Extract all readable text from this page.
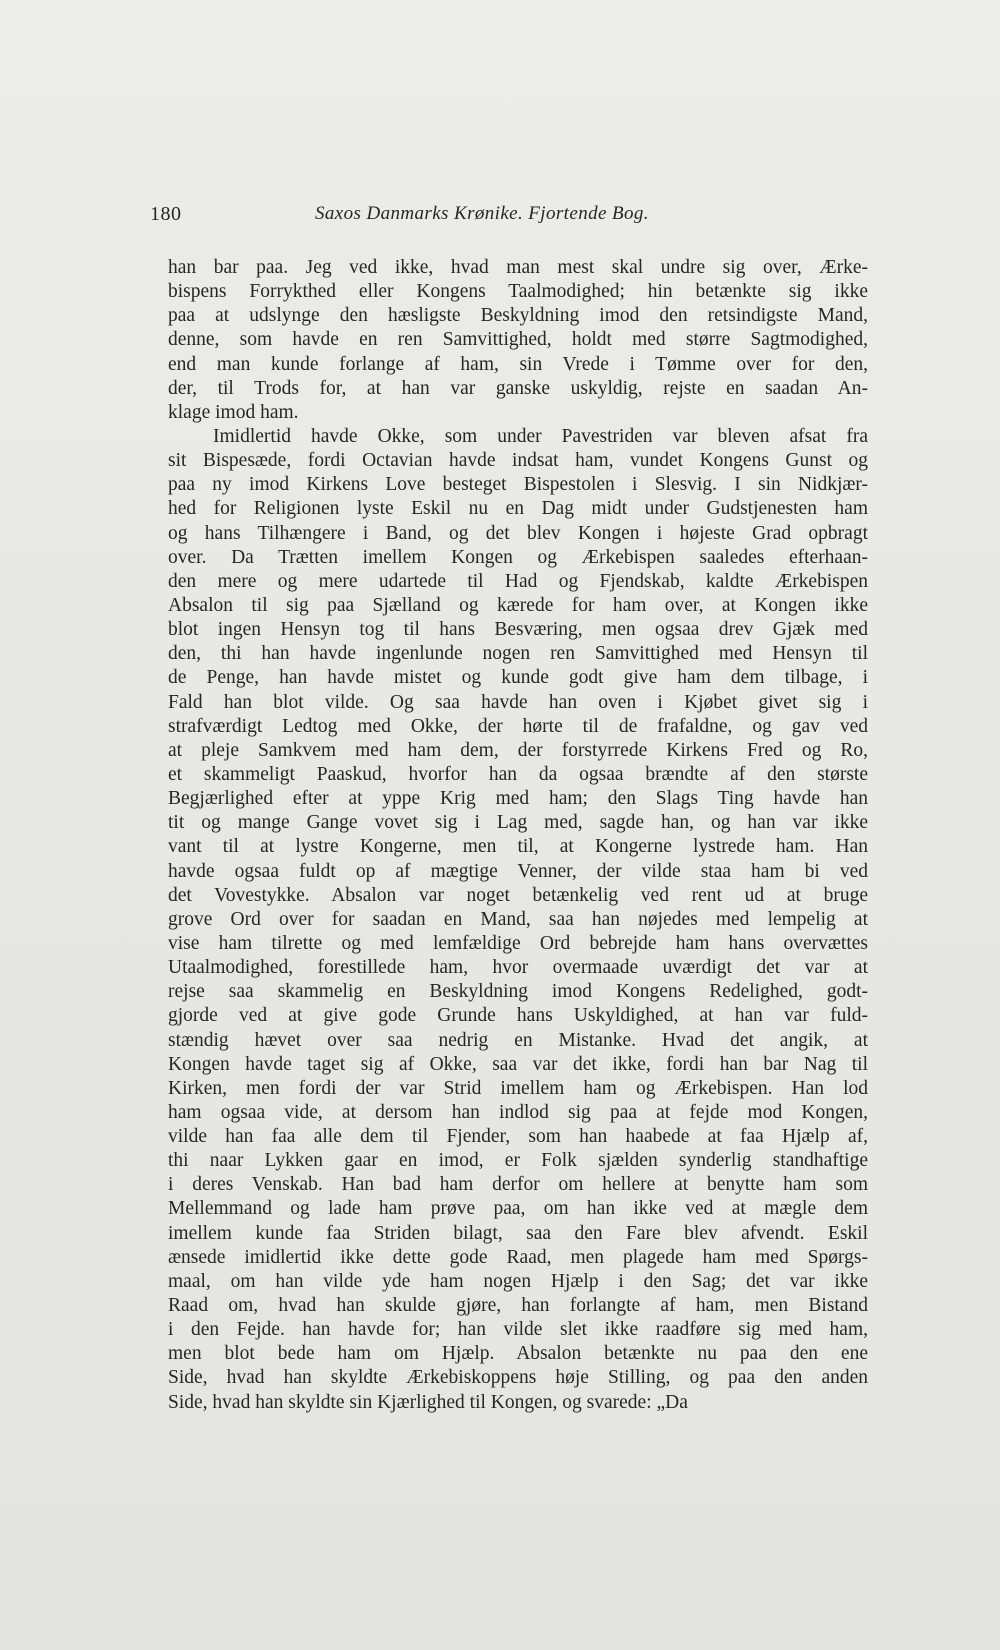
180	Saxos Danmarks Krønike. Fjortende Bog.
han bar paa. Jeg ved ikke, hvad man mest skal undre sig over, Ærke-
bispens Forrykthed eller Kongens Taalmodighed; hin betænkte sig ikke
paa at udslynge den hæsligste Beskyldning imod den retsindigste Mand,
denne, som havde en ren Samvittighed, holdt med større Sagtmodighed,
end man kunde forlange af ham, sin Vrede i Tømme over for den,
der, til Trods for, at han var ganske uskyldig, rejste en saadan An-
klage imod ham.
Imidlertid havde Okke, som under Pavestriden var bleven afsat fra
sit Bispesæde, fordi Octavian havde indsat ham, vundet Kongens Gunst og
paa ny imod Kirkens Love besteget Bispestolen i Slesvig. I sin Nidkjær-
hed for Religionen lyste Eskil nu en Dag midt under Gudstjenesten ham
og hans Tilhængere i Band, og det blev Kongen i højeste Grad opbragt
over. Da Trætten imellem Kongen og Ærkebispen saaledes efterhaan-
den mere og mere udartede til Had og Fjendskab, kaldte Ærkebispen
Absalon til sig paa Sjælland og kærede for ham over, at Kongen ikke
blot ingen Hensyn tog til hans Besværing, men ogsaa drev Gjæk med
den, thi han havde ingenlunde nogen ren Samvittighed med Hensyn til
de Penge, han havde mistet og kunde godt give ham dem tilbage, i
Fald han blot vilde. Og saa havde han oven i Kjøbet givet sig i
strafværdigt Ledtog med Okke, der hørte til de frafaldne, og gav ved
at pleje Samkvem med ham dem, der forstyrrede Kirkens Fred og Ro,
et skammeligt Paaskud, hvorfor han da ogsaa brændte af den største
Begjærlighed efter at yppe Krig med ham; den Slags Ting havde han
tit og mange Gange vovet sig i Lag med, sagde han, og han var ikke
vant til at lystre Kongerne, men til, at Kongerne lystrede ham. Han
havde ogsaa fuldt op af mægtige Venner, der vilde staa ham bi ved
det Vovestykke. Absalon var noget betænkelig ved rent ud at bruge
grove Ord over for saadan en Mand, saa han nøjedes med lempelig at
vise ham tilrette og med lemfældige Ord bebrejde ham hans overvættes
Utaalmodighed, forestillede ham, hvor overmaade uværdigt det var at
rejse saa skammelig en Beskyldning imod Kongens Redelighed, godt-
gjorde ved at give gode Grunde hans Uskyldighed, at han var fuld-
stændig hævet over saa nedrig en Mistanke. Hvad det angik, at
Kongen havde taget sig af Okke, saa var det ikke, fordi han bar Nag til
Kirken, men fordi der var Strid imellem ham og Ærkebispen. Han lod
ham ogsaa vide, at dersom han indlod sig paa at fejde mod Kongen,
vilde han faa alle dem til Fjender, som han haabede at faa Hjælp af,
thi naar Lykken gaar en imod, er Folk sjælden synderlig standhaftige
i deres Venskab. Han bad ham derfor om hellere at benytte ham som
Mellemmand og lade ham prøve paa, om han ikke ved at mægle dem
imellem kunde faa Striden bilagt, saa den Fare blev afvendt. Eskil
ænsede imidlertid ikke dette gode Raad, men plagede ham med Spørgs-
maal, om han vilde yde ham nogen Hjælp i den Sag; det var ikke
Raad om, hvad han skulde gjøre, han forlangte af ham, men Bistand
i den Fejde. han havde for; han vilde slet ikke raadføre sig med ham,
men blot bede ham om Hjælp. Absalon betænkte nu paa den ene
Side, hvad han skyldte Ærkebiskoppens høje Stilling, og paa den anden
Side, hvad han skyldte sin Kjærlighed til Kongen, og svarede: „Da
